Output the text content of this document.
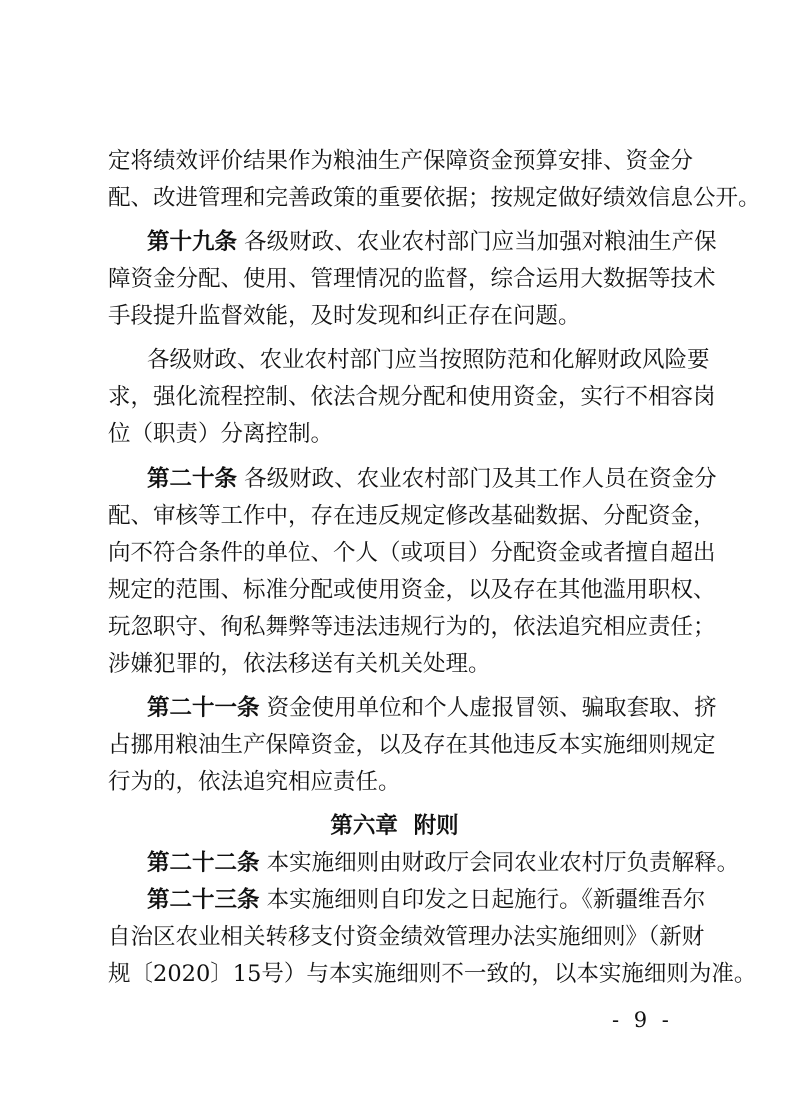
定将绩效评价结果作为粮油生产保障资金预算安排、资金分
配、改进管理和完善政策的重要依据；按规定做好绩效信息公开。
第十九条 各级财政、农业农村部门应当加强对粮油生产保
障资金分配、使用、管理情况的监督，综合运用大数据等技术
手段提升监督效能，及时发现和纠正存在问题。
各级财政、农业农村部门应当按照防范和化解财政风险要
求，强化流程控制、依法合规分配和使用资金，实行不相容岗
位（职责）分离控制。
第二十条 各级财政、农业农村部门及其工作人员在资金分
配、审核等工作中，存在违反规定修改基础数据、分配资金，
向不符合条件的单位、个人（或项目）分配资金或者擅自超出
规定的范围、标准分配或使用资金，以及存在其他滥用职权、
玩忽职守、徇私舞弊等违法违规行为的，依法追究相应责任；
涉嫌犯罪的，依法移送有关机关处理。
第二十一条 资金使用单位和个人虚报冒领、骗取套取、挤
占挪用粮油生产保障资金，以及存在其他违反本实施细则规定
行为的，依法追究相应责任。
第六章  附则
第二十二条 本实施细则由财政厅会同农业农村厅负责解释。
第二十三条 本实施细则自印发之日起施行。《新疆维吾尔
自治区农业相关转移支付资金绩效管理办法实施细则》（新财
规〔2020〕15号）与本实施细则不一致的，以本实施细则为准。
- 9 -
